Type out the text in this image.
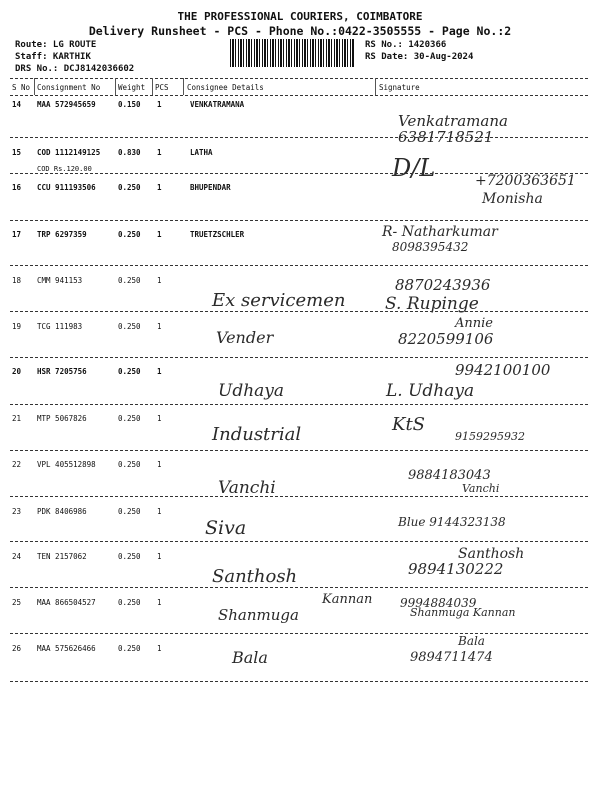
THE PROFESSIONAL COURIERS, COIMBATORE
Delivery Runsheet - PCS - Phone No.:0422-3505555 - Page No.:2
Route: LG ROUTE
Staff: KARTHIK
DRS No.: DCJ8142036602
RS No.: 1420366
RS Date: 30-Aug-2024
S No Consignment No Weight PCS Consignee Details	Signature
14 MAA 572945659	0.150 1	VENKATRAMANA
Venkatramana
6381718521
15 COD 1112149125 0.830 1	LATHA
COD Rs.120.00	D/L
16 CCU 911193506	0.250 1	BHUPENDAR	+7200363651
Monisha
17 TRP 6297359	0.250 1	TRUETZSCHLER	R- Natharkumar
8098395432
18 CMM 941153	0.250 1
Ex servicemen
8870243936
S. Rupinge
19 TCG 111983	0.250 1
Vender
Annie
8220599106
20 HSR 7205756	0.250 1
Udhaya
9942100100
L. Udhaya
21 MTP 5067826	0.250 1
Industrial	KtS
9159295932
22 VPL 405512898	0.250 1
Vanchi
9884183043
Vanchi
23 PDK 8406986	0.250 1
Siva	Blue 9144323138
24 TEN 2157062	0.250 1
Santhosh
Santhosh
9894130222
25 MAA 866504527	0.250 1	Kannan
Shanmuga
9994884039
Shanmuga Kannan
26 MAA 575626466	0.250 1	Bala
Bala
9894711474
